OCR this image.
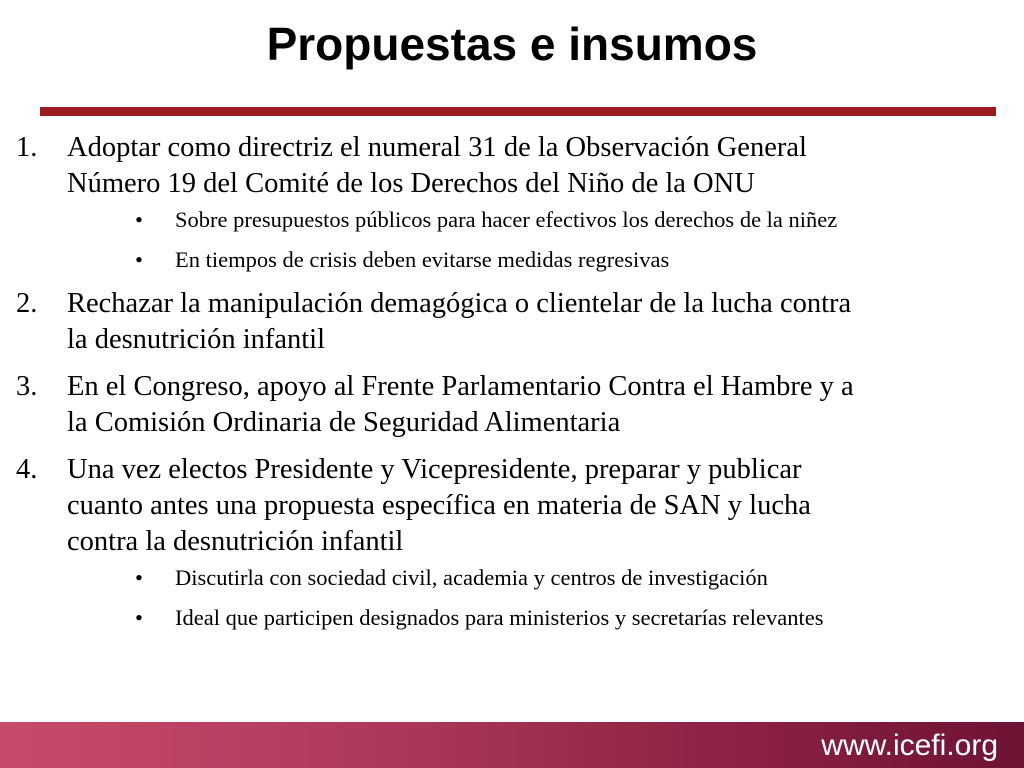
Propuestas e insumos
1. Adoptar como directriz el numeral 31 de la Observación General
Número 19 del Comité de los Derechos del Niño de la ONU
• Sobre presupuestos públicos para hacer efectivos los derechos de la niñez
• En tiempos de crisis deben evitarse medidas regresivas
2. Rechazar la manipulación demagógica o clientelar de la lucha contra
la desnutrición infantil
3. En el Congreso, apoyo al Frente Parlamentario Contra el Hambre y a
la Comisión Ordinaria de Seguridad Alimentaria
4. Una vez electos Presidente y Vicepresidente, preparar y publicar
cuanto antes una propuesta específica en materia de SAN y lucha
contra la desnutrición infantil
• Discutirla con sociedad civil, academia y centros de investigación
• Ideal que participen designados para ministerios y secretarías relevantes
www.icefi.org
